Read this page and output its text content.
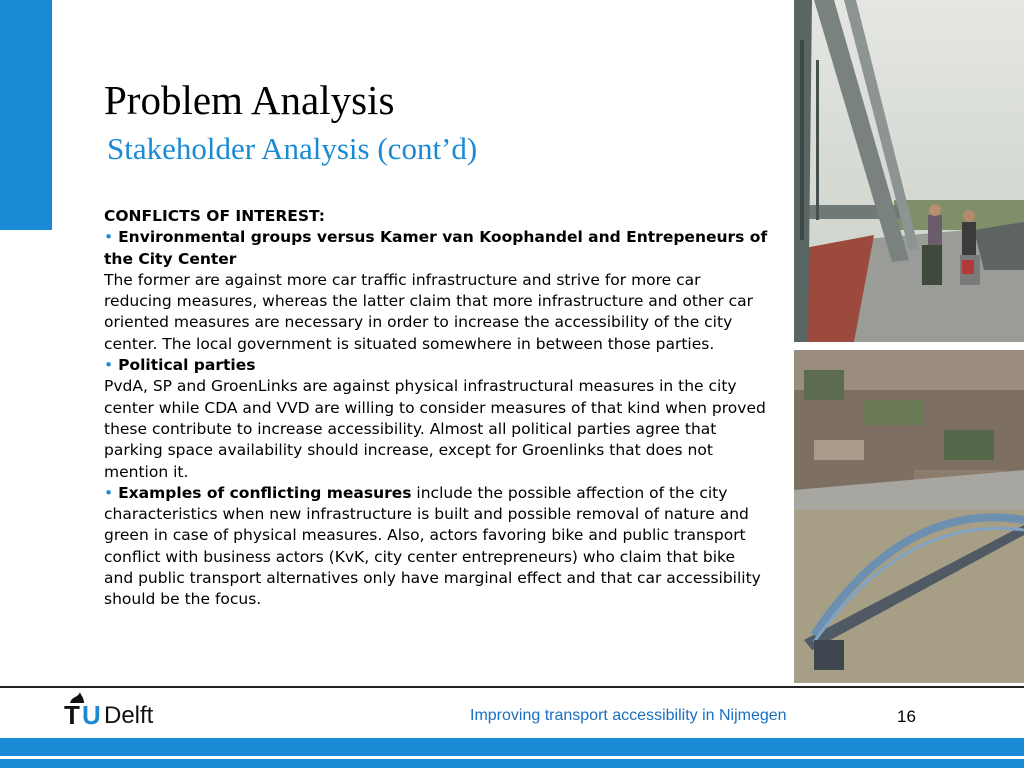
Problem Analysis
Stakeholder Analysis (cont’d)

CONFLICTS OF INTEREST:

• Environmental groups versus Kamer van Koophandel and Entrepeneurs of the City Center

The former are against more car traffic infrastructure and strive for more car reducing measures, whereas the latter claim that more infrastructure and other car oriented measures are necessary in order to increase the accessibility of the city center. The local government is situated somewhere in between those parties.

• Political parties

PvdA, SP and GroenLinks are against physical infrastructural measures in the city center while CDA and VVD are willing to consider measures of that kind when proved these contribute to increase accessibility. Almost all political parties agree that parking space availability should increase, except for Groenlinks that does not mention it.

• Examples of conflicting measures include the possible affection of the city characteristics when new infrastructure is built and possible removal of nature and green in case of physical measures. Also, actors favoring bike and public transport conflict with business actors (KvK, city center entrepreneurs) who claim that bike and public transport alternatives only have marginal effect and that car accessibility should be the focus.

T U Delft	Improving transport accessibility in Nijmegen	16
